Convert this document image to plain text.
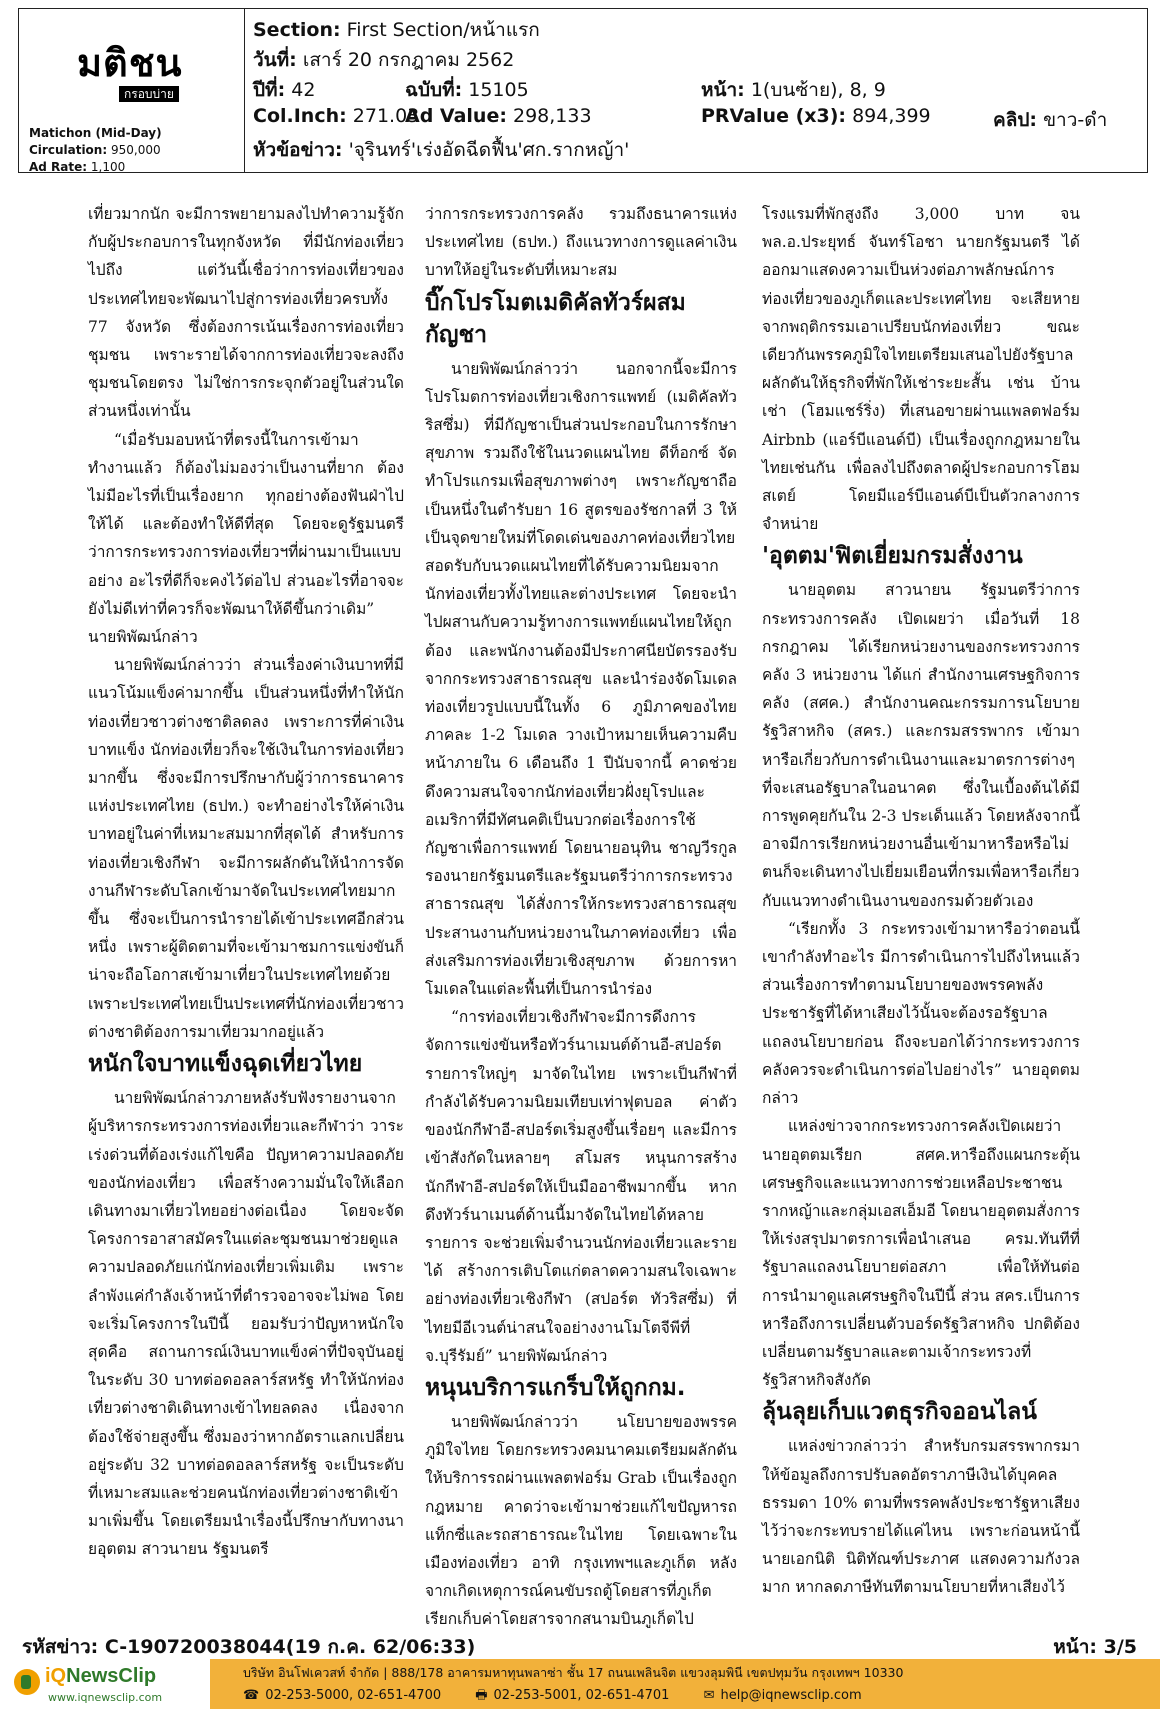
มติชน
กรอบบ่าย
Matichon (Mid-Day)
Circulation: 950,000
Ad Rate: 1,100
Section: First Section/หน้าแรก
วันที่: เสาร์ 20 กรกฎาคม 2562
ปีที่: 42	ฉบับที่: 15105	หน้า: 1(บนซ้าย), 8, 9
Col.Inch: 271.03
Ad Value: 298,133	PRValue (x3): 894,399	คลิป: ขาว-ดำ
หัวข้อข่าว: 'จุรินทร์'เร่งอัดฉีดฟื้น'ศก.รากหญ้า'

เที่ยวมากนัก จะมีการพยายามลงไปทำความรู้จักกับผู้ประกอบการในทุกจังหวัด ที่มีนักท่องเที่ยวไปถึง แต่วันนี้เชื่อว่าการท่องเที่ยวของประเทศไทยจะพัฒนาไปสู่การท่องเที่ยวครบทั้ง 77 จังหวัด ซึ่งต้องการเน้นเรื่องการท่องเที่ยวชุมชน เพราะรายได้จากการท่องเที่ยวจะลงถึงชุมชนโดยตรง ไม่ใช่การกระจุกตัวอยู่ในส่วนใดส่วนหนึ่งเท่านั้น

“เมื่อรับมอบหน้าที่ตรงนี้ในการเข้ามาทำงานแล้ว ก็ต้องไม่มองว่าเป็นงานที่ยาก ต้องไม่มีอะไรที่เป็นเรื่องยาก ทุกอย่างต้องฟันฝ่าไปให้ได้ และต้องทำให้ดีที่สุด โดยจะดูรัฐมนตรีว่าการกระทรวงการท่องเที่ยวฯที่ผ่านมาเป็นแบบอย่าง อะไรที่ดีก็จะคงไว้ต่อไป ส่วนอะไรที่อาจจะยังไม่ดีเท่าที่ควรก็จะพัฒนาให้ดีขึ้นกว่าเดิม” นายพิพัฒน์กล่าว

นายพิพัฒน์กล่าวว่า ส่วนเรื่องค่าเงินบาทที่มีแนวโน้มแข็งค่ามากขึ้น เป็นส่วนหนึ่งที่ทำให้นักท่องเที่ยวชาวต่างชาติลดลง เพราะการที่ค่าเงินบาทแข็ง นักท่องเที่ยวก็จะใช้เงินในการท่องเที่ยวมากขึ้น ซึ่งจะมีการปรึกษากับผู้ว่าการธนาคารแห่งประเทศไทย (ธปท.) จะทำอย่างไรให้ค่าเงินบาทอยู่ในค่าที่เหมาะสมมากที่สุดได้ สำหรับการท่องเที่ยวเชิงกีฬา จะมีการผลักดันให้นำการจัดงานกีฬาระดับโลกเข้ามาจัดในประเทศไทยมากขึ้น ซึ่งจะเป็นการนำรายได้เข้าประเทศอีกส่วนหนึ่ง เพราะผู้ติดตามที่จะเข้ามาชมการแข่งขันก็น่าจะถือโอกาสเข้ามาเที่ยวในประเทศไทยด้วย เพราะประเทศไทยเป็นประเทศที่นักท่องเที่ยวชาวต่างชาติต้องการมาเที่ยวมากอยู่แล้ว

หนักใจบาทแข็งฉุดเที่ยวไทย

นายพิพัฒน์กล่าวภายหลังรับฟังรายงานจากผู้บริหารกระทรวงการท่องเที่ยวและกีฬาว่า วาระเร่งด่วนที่ต้องเร่งแก้ไขคือ ปัญหาความปลอดภัยของนักท่องเที่ยว เพื่อสร้างความมั่นใจให้เลือกเดินทางมาเที่ยวไทยอย่างต่อเนื่อง โดยจะจัดโครงการอาสาสมัครในแต่ละชุมชนมาช่วยดูแลความปลอดภัยแก่นักท่องเที่ยวเพิ่มเติม เพราะลำพังแค่กำลังเจ้าหน้าที่ตำรวจอาจจะไม่พอ โดยจะเริ่มโครงการในปีนี้ ยอมรับว่าปัญหาหนักใจสุดคือ สถานการณ์เงินบาทแข็งค่าที่ปัจจุบันอยู่ในระดับ 30 บาทต่อดอลลาร์สหรัฐ ทำให้นักท่องเที่ยวต่างชาติเดินทางเข้าไทยลดลง เนื่องจากต้องใช้จ่ายสูงขึ้น ซึ่งมองว่าหากอัตราแลกเปลี่ยนอยู่ระดับ 32 บาทต่อดอลลาร์สหรัฐ จะเป็นระดับที่เหมาะสมและช่วยคนนักท่องเที่ยวต่างชาติเข้ามาเพิ่มขึ้น โดยเตรียมนำเรื่องนี้ปรึกษากับทางนายอุตตม สาวนายน รัฐมนตรี

ว่าการกระทรวงการคลัง รวมถึงธนาคารแห่งประเทศไทย (ธปท.) ถึงแนวทางการดูแลค่าเงินบาทให้อยู่ในระดับที่เหมาะสม

บิ๊กโปรโมตเมดิคัลทัวร์ผสมกัญชา

นายพิพัฒน์กล่าวว่า นอกจากนี้จะมีการโปรโมตการท่องเที่ยวเชิงการแพทย์ (เมดิคัลทัวริสซึ่ม) ที่มีกัญชาเป็นส่วนประกอบในการรักษาสุขภาพ รวมถึงใช้ในนวดแผนไทย ดีท็อกซ์ จัดทำโปรแกรมเพื่อสุขภาพต่างๆ เพราะกัญชาถือเป็นหนึ่งในตำรับยา 16 สูตรของรัชกาลที่ 3 ให้เป็นจุดขายใหม่ที่โดดเด่นของภาคท่องเที่ยวไทย สอดรับกับนวดแผนไทยที่ได้รับความนิยมจากนักท่องเที่ยวทั้งไทยและต่างประเทศ โดยจะนำไปผสานกับความรู้ทางการแพทย์แผนไทยให้ถูกต้อง และพนักงานต้องมีประกาศนียบัตรรองรับจากกระทรวงสาธารณสุข และนำร่องจัดโมเดลท่องเที่ยวรูปแบบนี้ในทั้ง 6 ภูมิภาคของไทย ภาคละ 1-2 โมเดล วางเป้าหมายเห็นความคืบหน้าภายใน 6 เดือนถึง 1 ปีนับจากนี้ คาดช่วยดึงความสนใจจากนักท่องเที่ยวฝั่งยุโรปและอเมริกาที่มีทัศนคติเป็นบวกต่อเรื่องการใช้กัญชาเพื่อการแพทย์ โดยนายอนุทิน ชาญวีรกูล รองนายกรัฐมนตรีและรัฐมนตรีว่าการกระทรวงสาธารณสุข ได้สั่งการให้กระทรวงสาธารณสุขประสานงานกับหน่วยงานในภาคท่องเที่ยว เพื่อส่งเสริมการท่องเที่ยวเชิงสุขภาพ ด้วยการหาโมเดลในแต่ละพื้นที่เป็นการนำร่อง

“การท่องเที่ยวเชิงกีฬาจะมีการดึงการจัดการแข่งขันหรือทัวร์นาเมนต์ด้านอี-สปอร์ตรายการใหญ่ๆ มาจัดในไทย เพราะเป็นกีฬาที่กำลังได้รับความนิยมเทียบเท่าฟุตบอล ค่าตัวของนักกีฬาอี-สปอร์ตเริ่มสูงขึ้นเรื่อยๆ และมีการเข้าสังกัดในหลายๆ สโมสร หนุนการสร้างนักกีฬาอี-สปอร์ตให้เป็นมืออาชีพมากขึ้น หากดึงทัวร์นาเมนต์ด้านนี้มาจัดในไทยได้หลายรายการ จะช่วยเพิ่มจำนวนนักท่องเที่ยวและรายได้ สร้างการเติบโตแก่ตลาดความสนใจเฉพาะอย่างท่องเที่ยวเชิงกีฬา (สปอร์ต ทัวริสซึ่ม) ที่ไทยมีอีเวนต์น่าสนใจอย่างงานโมโตจีพีที่ จ.บุรีรัมย์” นายพิพัฒน์กล่าว

หนุนบริการแกร็บให้ถูกกม.

นายพิพัฒน์กล่าวว่า นโยบายของพรรคภูมิใจไทย โดยกระทรวงคมนาคมเตรียมผลักดันให้บริการรถผ่านแพลตฟอร์ม Grab เป็นเรื่องถูกกฎหมาย คาดว่าจะเข้ามาช่วยแก้ไขปัญหารถแท็กซี่และรถสาธารณะในไทย โดยเฉพาะในเมืองท่องเที่ยว อาทิ กรุงเทพฯและภูเก็ต หลังจากเกิดเหตุการณ์คนขับรถตู้โดยสารที่ภูเก็ตเรียกเก็บค่าโดยสารจากสนามบินภูเก็ตไป

โรงแรมที่พักสูงถึง 3,000 บาท จน พล.อ.ประยุทธ์ จันทร์โอชา นายกรัฐมนตรี ได้ออกมาแสดงความเป็นห่วงต่อภาพลักษณ์การท่องเที่ยวของภูเก็ตและประเทศไทย จะเสียหายจากพฤติกรรมเอาเปรียบนักท่องเที่ยว ขณะเดียวกันพรรคภูมิใจไทยเตรียมเสนอไปยังรัฐบาล ผลักดันให้ธุรกิจที่พักให้เช่าระยะสั้น เช่น บ้านเช่า (โฮมแชร์ริ่ง) ที่เสนอขายผ่านแพลตฟอร์ม Airbnb (แอร์บีแอนด์บี) เป็นเรื่องถูกกฎหมายในไทยเช่นกัน เพื่อลงไปถึงตลาดผู้ประกอบการโฮมสเตย์ โดยมีแอร์บีแอนด์บีเป็นตัวกลางการจำหน่าย

'อุตตม'ฟิตเยี่ยมกรมสั่งงาน

นายอุตตม สาวนายน รัฐมนตรีว่าการกระทรวงการคลัง เปิดเผยว่า เมื่อวันที่ 18 กรกฎาคม ได้เรียกหน่วยงานของกระทรวงการคลัง 3 หน่วยงาน ได้แก่ สำนักงานเศรษฐกิจการคลัง (สศค.) สำนักงานคณะกรรมการนโยบายรัฐวิสาหกิจ (สคร.) และกรมสรรพากร เข้ามาหารือเกี่ยวกับการดำเนินงานและมาตรการต่างๆ ที่จะเสนอรัฐบาลในอนาคต ซึ่งในเบื้องต้นได้มีการพูดคุยกันใน 2-3 ประเด็นแล้ว โดยหลังจากนี้อาจมีการเรียกหน่วยงานอื่นเข้ามาหารือหรือไม่ตนก็จะเดินทางไปเยี่ยมเยือนที่กรมเพื่อหารือเกี่ยวกับแนวทางดำเนินงานของกรมด้วยตัวเอง

“เรียกทั้ง 3 กระทรวงเข้ามาหารือว่าตอนนี้เขากำลังทำอะไร มีการดำเนินการไปถึงไหนแล้ว ส่วนเรื่องการทำตามนโยบายของพรรคพลังประชารัฐที่ได้หาเสียงไว้นั้นจะต้องรอรัฐบาลแถลงนโยบายก่อน ถึงจะบอกได้ว่ากระทรวงการคลังควรจะดำเนินการต่อไปอย่างไร” นายอุตตมกล่าว

แหล่งข่าวจากกระทรวงการคลังเปิดเผยว่า นายอุตตมเรียก สศค.หารือถึงแผนกระตุ้นเศรษฐกิจและแนวทางการช่วยเหลือประชาชนรากหญ้าและกลุ่มเอสเอ็มอี โดยนายอุตตมสั่งการให้เร่งสรุปมาตรการเพื่อนำเสนอ ครม.ทันทีที่รัฐบาลแถลงนโยบายต่อสภา เพื่อให้ทันต่อการนำมาดูแลเศรษฐกิจในปีนี้ ส่วน สคร.เป็นการหารือถึงการเปลี่ยนตัวบอร์ดรัฐวิสาหกิจ ปกติต้องเปลี่ยนตามรัฐบาลและตามเจ้ากระทรวงที่รัฐวิสาหกิจสังกัด

ลุ้นลุยเก็บแวตธุรกิจออนไลน์

แหล่งข่าวกล่าวว่า สำหรับกรมสรรพากรมาให้ข้อมูลถึงการปรับลดอัตราภาษีเงินได้บุคคลธรรมดา 10% ตามที่พรรคพลังประชารัฐหาเสียงไว้ว่าจะกระทบรายได้แค่ไหน เพราะก่อนหน้านี้นายเอกนิติ นิติทัณฑ์ประภาศ แสดงความกังวลมาก หากลดภาษีทันทีตามนโยบายที่หาเสียงไว้

รหัสข่าว: C-190720038044(19 ก.ค. 62/06:33)	หน้า: 3/5
iQNewsClip
www.iqnewsclip.com
บริษัท อินโฟเควสท์ จำกัด | 888/178 อาคารมหาทุนพลาซ่า ชั้น 17 ถนนเพลินจิต แขวงลุมพินี เขตปทุมวัน กรุงเทพฯ 10330
☎ 02-253-5000, 02-651-4700	🖶 02-253-5001, 02-651-4701	✉ help@iqnewsclip.com
